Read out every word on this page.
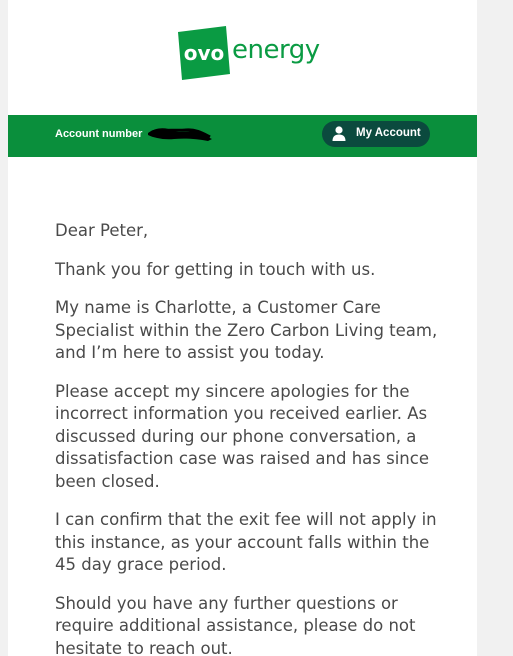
ovo energy
Account number	My Account

Dear Peter,

Thank you for getting in touch with us.

My name is Charlotte, a Customer Care Specialist within the Zero Carbon Living team, and I’m here to assist you today.

Please accept my sincere apologies for the incorrect information you received earlier. As discussed during our phone conversation, a dissatisfaction case was raised and has since been closed.

I can confirm that the exit fee will not apply in this instance, as your account falls within the 45 day grace period.

Should you have any further questions or require additional assistance, please do not hesitate to reach out.
